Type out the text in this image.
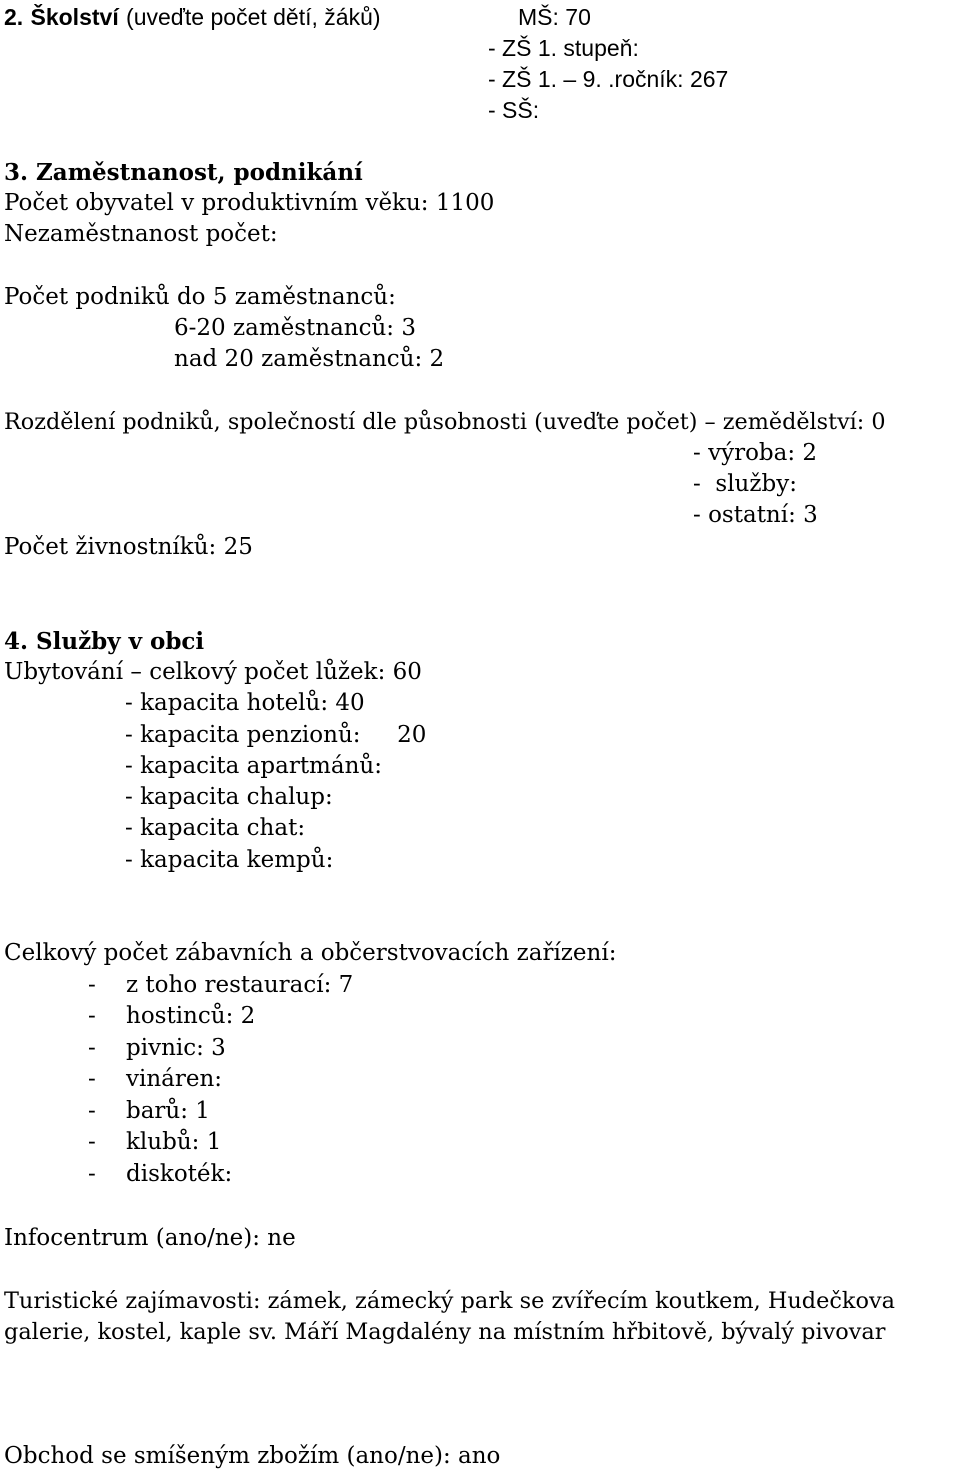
2. Školství (uveďte počet dětí, žáků)	MŠ: 70

- ZŠ 1. stupeň:

- ZŠ 1. – 9. .ročník: 267

- SŠ:

3. Zaměstnanost, podnikání

Počet obyvatel v produktivním věku: 1100

Nezaměstnanost počet:

Počet podniků do 5 zaměstnanců:

6-20 zaměstnanců: 3

nad 20 zaměstnanců: 2

Rozdělení podniků, společností dle působnosti (uveďte počet) – zemědělství: 0

- výroba: 2

-  služby:

- ostatní: 3

Počet živnostníků: 25

4. Služby v obci

Ubytování – celkový počet lůžek: 60

- kapacita hotelů: 40

- kapacita penzionů:     20

- kapacita apartmánů:

- kapacita chalup:

- kapacita chat:

- kapacita kempů:

Celkový počet zábavních a občerstvovacích zařízení:

- z toho restaurací: 7

- hostinců: 2

- pivnic: 3

- vináren:

- barů: 1

- klubů: 1

- diskoték:

Infocentrum (ano/ne): ne

Turistické zajímavosti: zámek, zámecký park se zvířecím koutkem, Hudečkova

galerie, kostel, kaple sv. Máří Magdalény na místním hřbitově, bývalý pivovar

Obchod se smíšeným zbožím (ano/ne): ano
